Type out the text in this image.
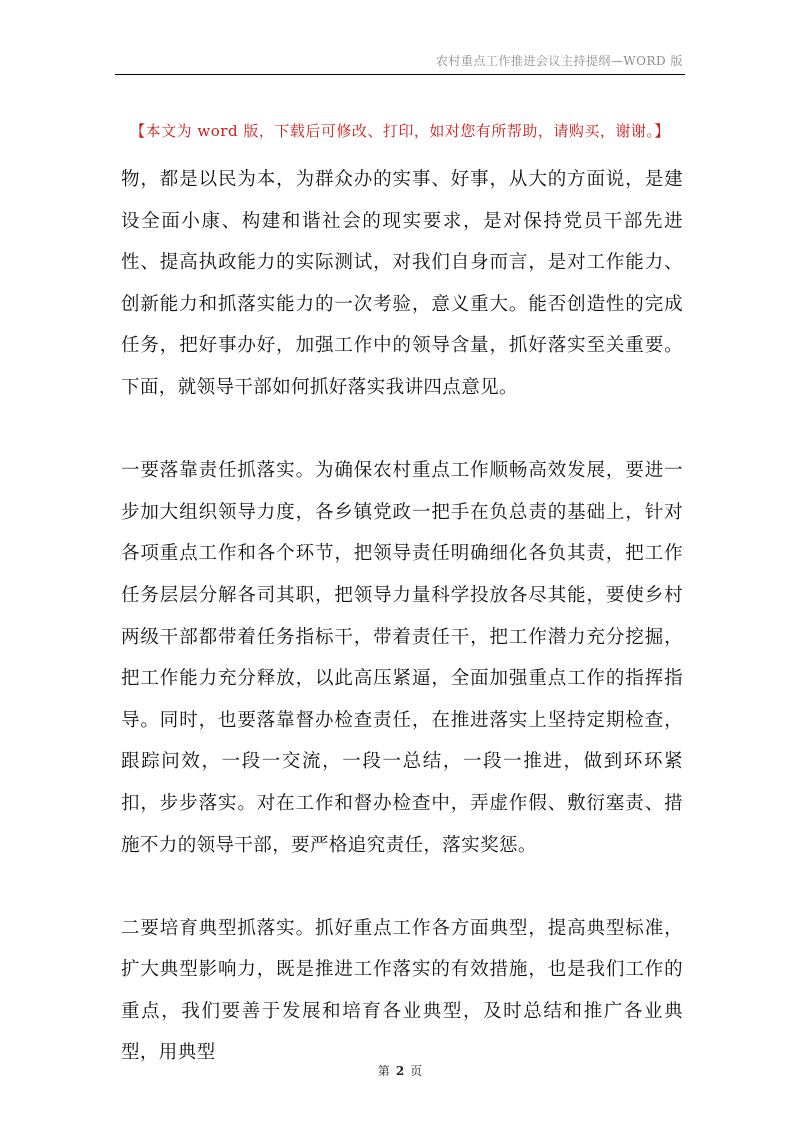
农村重点工作推进会议主持提纲—WORD 版
【本文为 word 版，下载后可修改、打印，如对您有所帮助，请购买，谢谢。】

物，都是以民为本，为群众办的实事、好事，从大的方面说，是建设全面小康、构建和谐社会的现实要求，是对保持党员干部先进性、提高执政能力的实际测试，对我们自身而言，是对工作能力、创新能力和抓落实能力的一次考验，意义重大。能否创造性的完成任务，把好事办好，加强工作中的领导含量，抓好落实至关重要。下面，就领导干部如何抓好落实我讲四点意见。

一要落靠责任抓落实。为确保农村重点工作顺畅高效发展，要进一步加大组织领导力度，各乡镇党政一把手在负总责的基础上，针对各项重点工作和各个环节，把领导责任明确细化各负其责，把工作任务层层分解各司其职，把领导力量科学投放各尽其能，要使乡村两级干部都带着任务指标干，带着责任干，把工作潜力充分挖掘，把工作能力充分释放，以此高压紧逼，全面加强重点工作的指挥指导。同时，也要落靠督办检查责任，在推进落实上坚持定期检查，跟踪问效，一段一交流，一段一总结，一段一推进，做到环环紧扣，步步落实。对在工作和督办检查中，弄虚作假、敷衍塞责、措施不力的领导干部，要严格追究责任，落实奖惩。

二要培育典型抓落实。抓好重点工作各方面典型，提高典型标准，扩大典型影响力，既是推进工作落实的有效措施，也是我们工作的重点，我们要善于发展和培育各业典型，及时总结和推广各业典型，用典型

第 2 页
